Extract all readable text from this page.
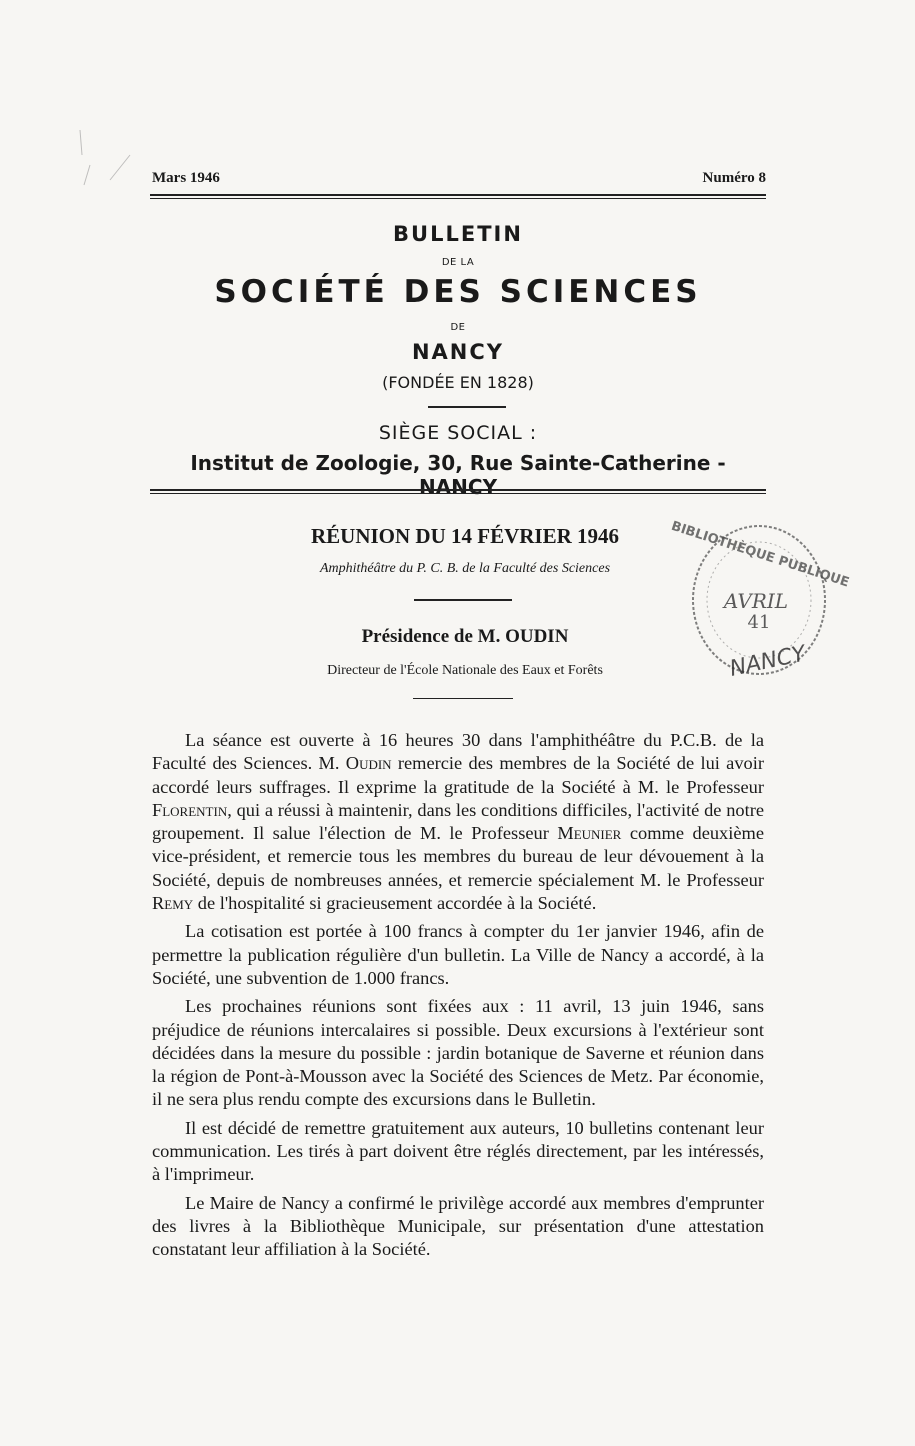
Mars 1946	Numéro 8
BULLETIN
DE LA
SOCIÉTÉ DES SCIENCES
DE
NANCY
(FONDÉE EN 1828)
SIÈGE SOCIAL :
Institut de Zoologie, 30, Rue Sainte-Catherine - NANCY
RÉUNION DU 14 FÉVRIER 1946
Amphithéâtre du P. C. B. de la Faculté des Sciences
Présidence de M. OUDIN
Directeur de l'École Nationale des Eaux et Forêts
BIBLIOTHÈQUE PUBLIQUE
AVRIL
41
NANCY

La séance est ouverte à 16 heures 30 dans l'amphithéâtre du P.C.B. de la Faculté des Sciences. M. Oudin remercie des membres de la Société de lui avoir accordé leurs suffrages. Il exprime la gratitude de la Société à M. le Professeur Florentin, qui a réussi à maintenir, dans les conditions difficiles, l'activité de notre groupement. Il salue l'élection de M. le Professeur Meunier comme deuxième vice-président, et remercie tous les membres du bureau de leur dévouement à la Société, depuis de nombreuses années, et remercie spécialement M. le Professeur Remy de l'hospitalité si gracieusement accordée à la Société.

La cotisation est portée à 100 francs à compter du 1er janvier 1946, afin de permettre la publication régulière d'un bulletin. La Ville de Nancy a accordé, à la Société, une subvention de 1.000 francs.

Les prochaines réunions sont fixées aux : 11 avril, 13 juin 1946, sans préjudice de réunions intercalaires si possible. Deux excursions à l'extérieur sont décidées dans la mesure du possible : jardin botanique de Saverne et réunion dans la région de Pont-à-Mousson avec la Société des Sciences de Metz. Par économie, il ne sera plus rendu compte des excursions dans le Bulletin.

Il est décidé de remettre gratuitement aux auteurs, 10 bulletins contenant leur communication. Les tirés à part doivent être réglés directement, par les intéressés, à l'imprimeur.

Le Maire de Nancy a confirmé le privilège accordé aux membres d'emprunter des livres à la Bibliothèque Municipale, sur présentation d'une attestation constatant leur affiliation à la Société.
